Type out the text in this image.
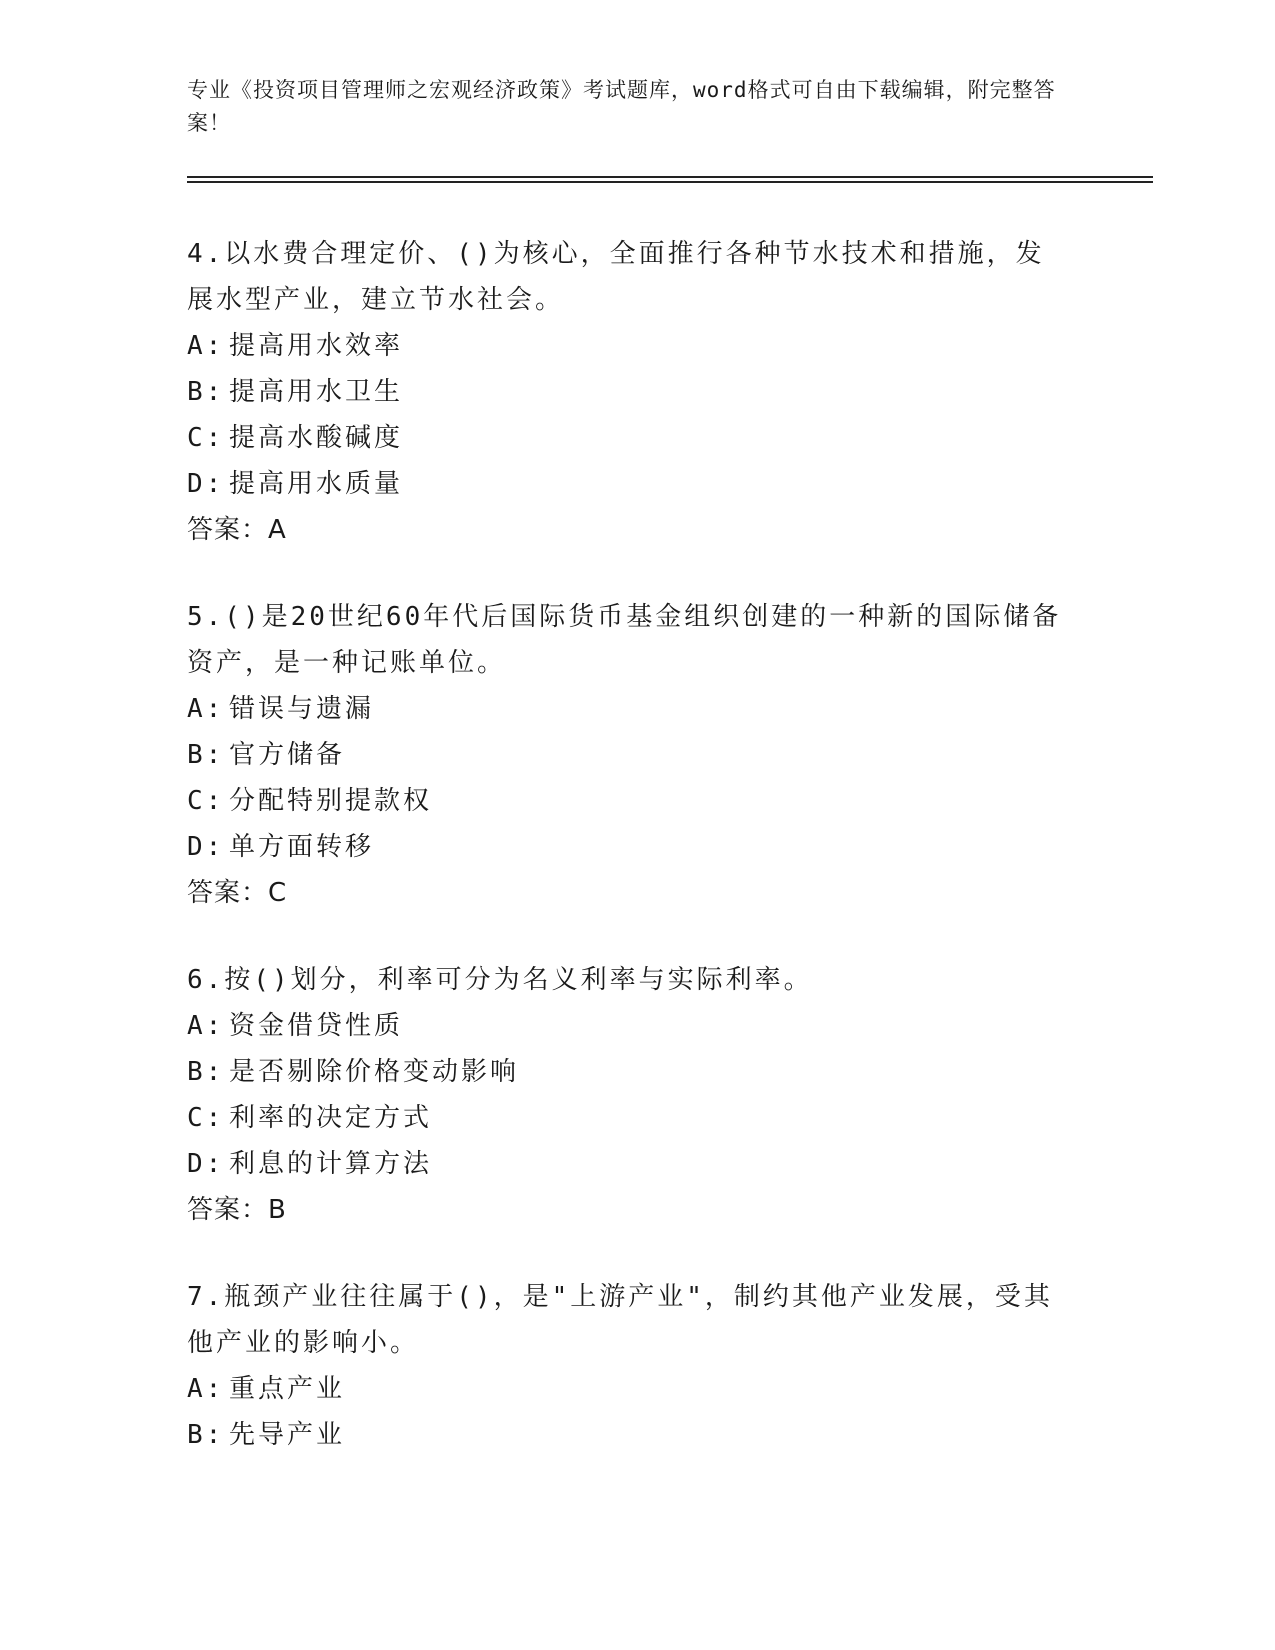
专业《投资项目管理师之宏观经济政策》考试题库，word格式可自由下载编辑，附完整答案！

4.以水费合理定价、()为核心，全面推行各种节水技术和措施，发展水型产业，建立节水社会。

A: 提高用水效率
B: 提高用水卫生
C: 提高水酸碱度
D: 提高用水质量
答案：A

5.()是20世纪60年代后国际货币基金组织创建的一种新的国际储备资产，是一种记账单位。

A: 错误与遗漏
B: 官方储备
C: 分配特别提款权
D: 单方面转移
答案：C

6.按()划分，利率可分为名义利率与实际利率。

A: 资金借贷性质
B: 是否剔除价格变动影响
C: 利率的决定方式
D: 利息的计算方法
答案：B

7.瓶颈产业往往属于()，是"上游产业"，制约其他产业发展，受其他产业的影响小。

A: 重点产业
B: 先导产业
